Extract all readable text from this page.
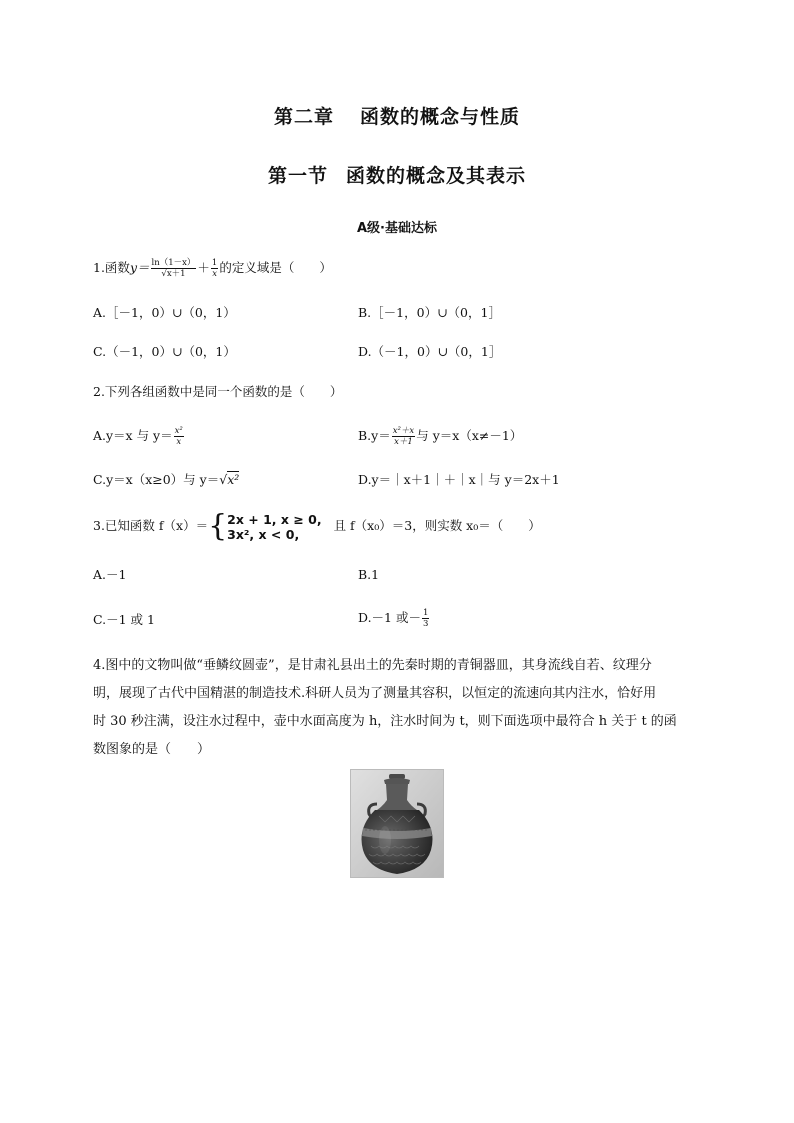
第二章 函数的概念与性质
第一节 函数的概念及其表示
A级·基础达标
1.函数$y= \frac{\ln(1-x)}{√x+1} + \frac{1}{x}$ 的定义域是（　　）
A.［－1，0）∪（0，1）	B.［－1，0）∪（0，1］
C.（－1，0）∪（0，1）	D.（－1，0）∪（0，1］
2.下列各组函数中是同一个函数的是（　　）
A.y＝x 与 $y= \frac{\text{x²}}{x}$	$B.y= \frac{\text{x²＋x}}{x+1}$ 与 y＝x（x≠－1）
C.y＝x（x≥0）与 y＝√x²	D.y＝｜x＋1｜＋｜x｜与 y＝2x＋1
3.已知函数 f（x）＝{ 2x + 1, x ≥ 0,
3x², x < 0,
且 f（x₀）＝3，则实数 x₀＝（　　）
A.－1	B.1
C.－1 或 1	D.－1 或－ $\frac{1}{3}$
4.图中的文物叫做“垂鳞纹圆壶”，是甘肃礼县出土的先秦时期的青铜器皿，其身流线自若、纹理分
明，展现了古代中国精湛的制造技术.科研人员为了测量其容积，以恒定的流速向其内注水，恰好用
时 30 秒注满，设注水过程中，壶中水面高度为 h，注水时间为 t，则下面选项中最符合 h 关于 t 的函
数图象的是（　　）
